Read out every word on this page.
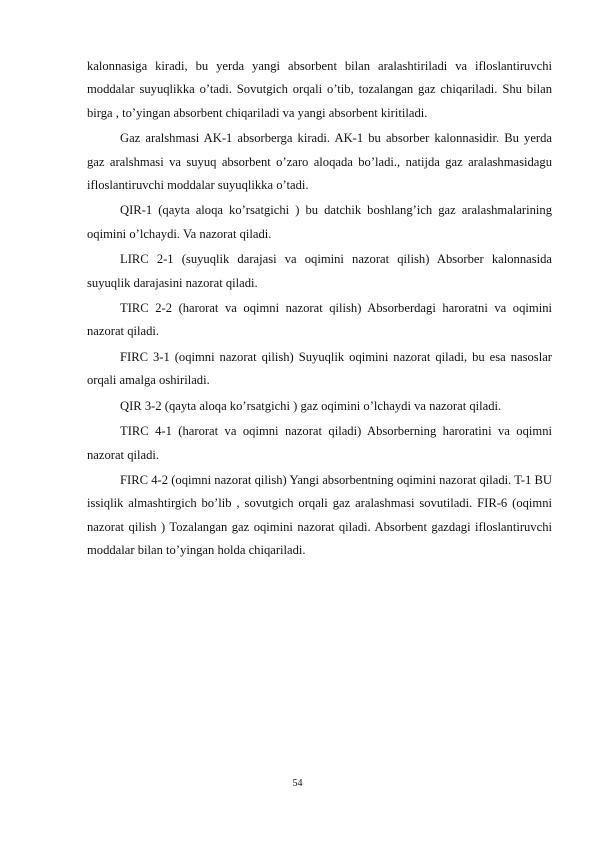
kalonnasiga kiradi, bu yerda yangi absorbent bilan aralashtiriladi va ifloslantiruvchi moddalar suyuqlikka o’tadi. Sovutgich orqali o’tib, tozalangan gaz chiqariladi. Shu bilan birga , to’yingan absorbent chiqariladi va yangi absorbent kiritiladi.

Gaz aralshmasi AK-1 absorberga kiradi. AK-1 bu absorber kalonnasidir. Bu yerda gaz aralshmasi va suyuq absorbent o’zaro aloqada bo’ladi., natijda gaz aralashmasidagu ifloslantiruvchi moddalar suyuqlikka o’tadi.

QIR-1 (qayta aloqa ko’rsatgichi ) bu datchik boshlang’ich gaz aralashmalarining oqimini o’lchaydi. Va nazorat qiladi.

LIRC 2-1 (suyuqlik darajasi va oqimini nazorat qilish) Absorber kalonnasida suyuqlik darajasini nazorat qiladi.

TIRC 2-2 (harorat va oqimni nazorat qilish) Absorberdagi haroratni va oqimini nazorat qiladi.

FIRC 3-1 (oqimni nazorat qilish) Suyuqlik oqimini nazorat qiladi, bu esa nasoslar orqali amalga oshiriladi.

QIR 3-2 (qayta aloqa ko’rsatgichi ) gaz oqimini o’lchaydi va nazorat qiladi.

TIRC 4-1 (harorat va oqimni nazorat qiladi) Absorberning haroratini va oqimni nazorat qiladi.

FIRC 4-2 (oqimni nazorat qilish) Yangi absorbentning oqimini nazorat qiladi. T-1 BU issiqlik almashtirgich bo’lib , sovutgich orqali gaz aralashmasi sovutiladi. FIR-6 (oqimni nazorat qilish ) Tozalangan gaz oqimini nazorat qiladi. Absorbent gazdagi ifloslantiruvchi moddalar bilan to’yingan holda chiqariladi.

54
